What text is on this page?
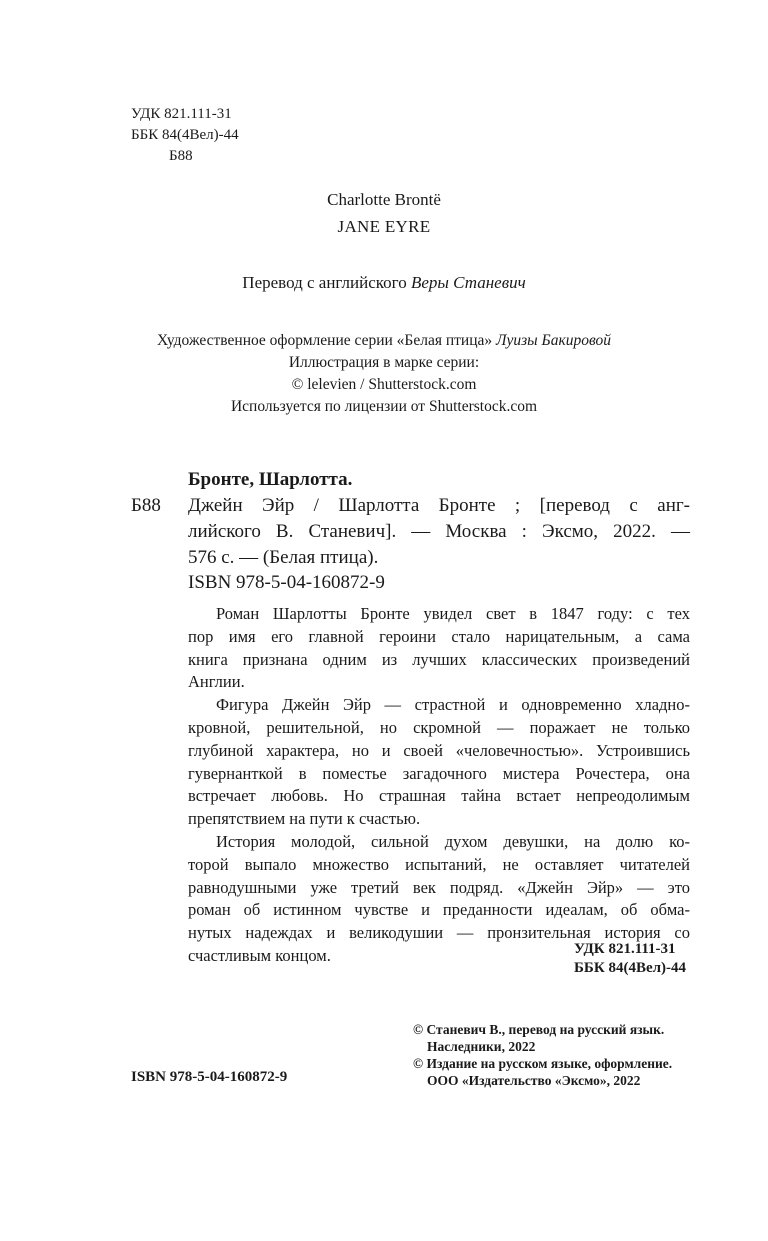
УДК 821.111-31
ББК 84(4Вел)-44
Б88
Charlotte Brontë
JANE EYRE
Перевод с английского Веры Станевич
Художественное оформление серии «Белая птица» Луизы Бакировой
Иллюстрация в марке серии:
© lelevien / Shutterstock.com
Используется по лицензии от Shutterstock.com
Бронте, Шарлотта.
Б88	Джейн Эйр / Шарлотта Бронте ; [перевод с анг-
лийского В. Станевич]. — Москва : Эксмо, 2022. —
576 с. — (Белая птица).
ISBN 978-5-04-160872-9
Роман Шарлотты Бронте увидел свет в 1847 году: с тех
пор имя его главной героини стало нарицательным, а сама
книга признана одним из лучших классических произведений
Англии.
Фигура Джейн Эйр — страстной и одновременно хладно-
кровной, решительной, но скромной — поражает не только
глубиной характера, но и своей «человечностью». Устроившись
гувернанткой в поместье загадочного мистера Рочестера, она
встречает любовь. Но страшная тайна встает непреодолимым
препятствием на пути к счастью.
История молодой, сильной духом девушки, на долю ко-
торой выпало множество испытаний, не оставляет читателей
равнодушными уже третий век подряд. «Джейн Эйр» — это
роман об истинном чувстве и преданности идеалам, об обма-
нутых надеждах и великодушии — пронзительная история со
счастливым концом.	УДК 821.111-31
ББК 84(4Вел)-44
© Станевич В., перевод на русский язык.
Наследники, 2022
© Издание на русском языке, оформление.
ООО «Издательство «Эксмо», 2022
ISBN 978-5-04-160872-9
